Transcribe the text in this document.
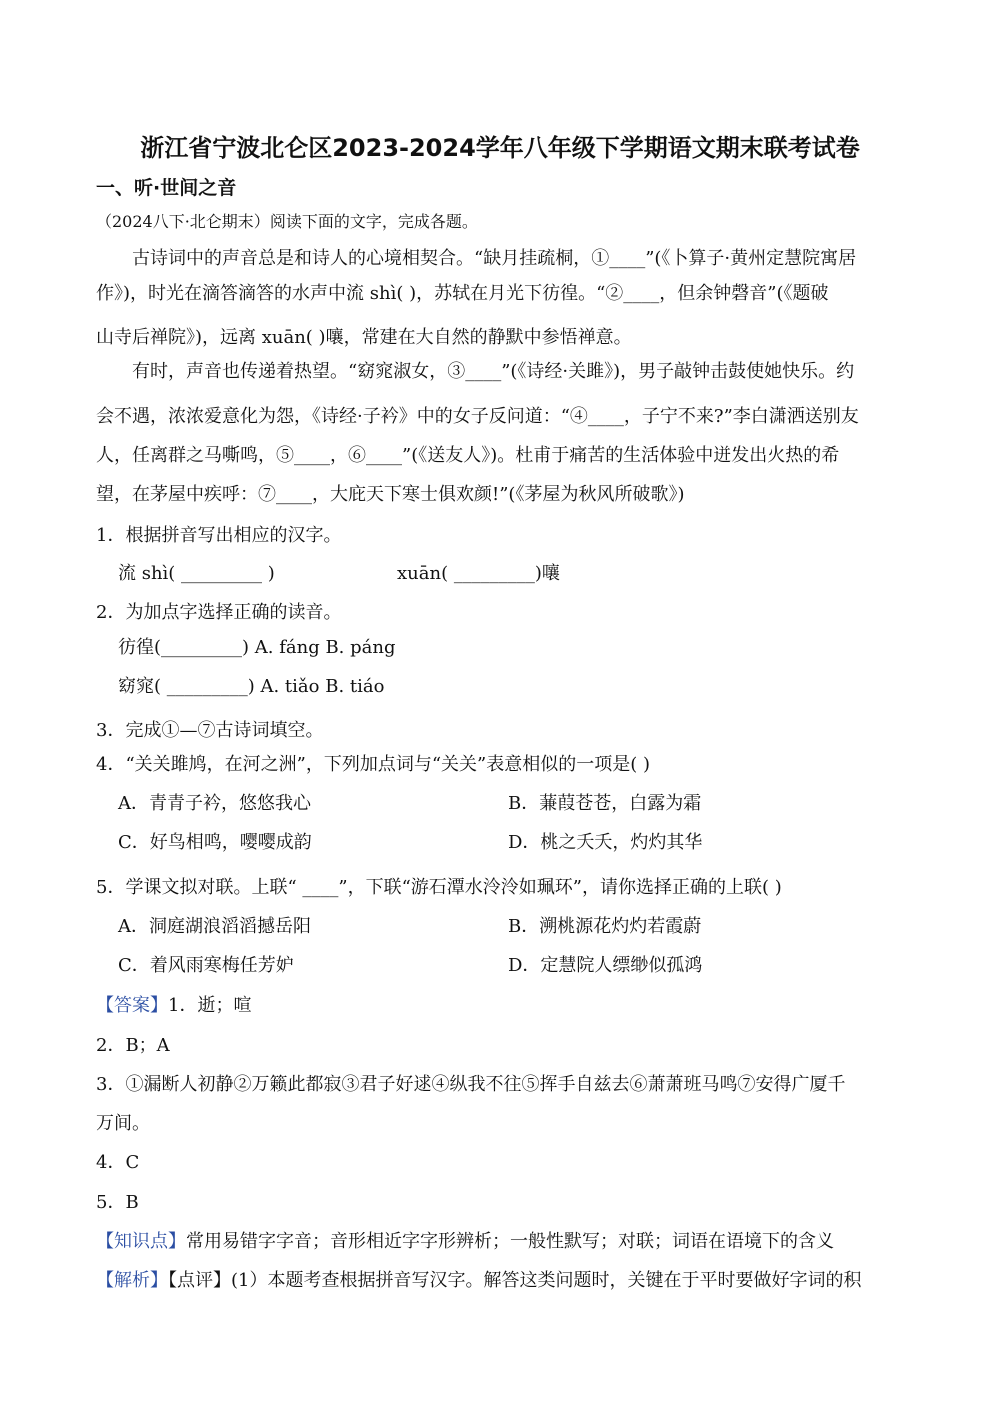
浙江省宁波北仑区2023-2024学年八年级下学期语文期末联考试卷
一、听·世间之音
（2024八下·北仑期末）阅读下面的文字，完成各题。
古诗词中的声音总是和诗人的心境相契合。“缺月挂疏桐，①____”(《卜算子·黄州定慧院寓居
作》)，时光在滴答滴答的水声中流 shì( )，苏轼在月光下彷徨。“②____，但余钟磬音”(《题破
山寺后禅院》)，远离 xuān( )嚷，常建在大自然的静默中参悟禅意。
有时，声音也传递着热望。“窈窕淑女，③____”(《诗经·关雎》)，男子敲钟击鼓使她快乐。约
会不遇，浓浓爱意化为怨，《诗经·子衿》中的女子反问道：“④____，子宁不来?”李白潇洒送别友
人，任离群之马嘶鸣，⑤____，⑥____”(《送友人》)。杜甫于痛苦的生活体验中迸发出火热的希
望，在茅屋中疾呼：⑦____，大庇天下寒士俱欢颜!”(《茅屋为秋风所破歌》)
1．根据拼音写出相应的汉字。
流 shì( _________ )	xuān( _________)嚷
2．为加点字选择正确的读音。
彷徨(_________) A. fáng B. páng
窈窕( _________) A. tiǎo B. tiáo
3．完成①—⑦古诗词填空。
4．“关关雎鸠，在河之洲”，下列加点词与“关关”表意相似的一项是( )
A．青青子衿，悠悠我心	B．蒹葭苍苍，白露为霜
C．好鸟相鸣，嘤嘤成韵	D．桃之夭夭，灼灼其华
5．学课文拟对联。上联“ ____”，下联“游石潭水泠泠如珮环”，请你选择正确的上联( )
A．洞庭湖浪滔滔撼岳阳	B．溯桃源花灼灼若霞蔚
C．着风雨寒梅任芳妒	D．定慧院人缥缈似孤鸿
【答案】1．逝；喧
2．B；A
3．①漏断人初静②万籁此都寂③君子好逑④纵我不往⑤挥手自兹去⑥萧萧班马鸣⑦安得广厦千
万间。
4．C
5．B
【知识点】常用易错字字音；音形相近字字形辨析；一般性默写；对联；词语在语境下的含义
【解析】【点评】(1）本题考查根据拼音写汉字。解答这类问题时，关键在于平时要做好字词的积
